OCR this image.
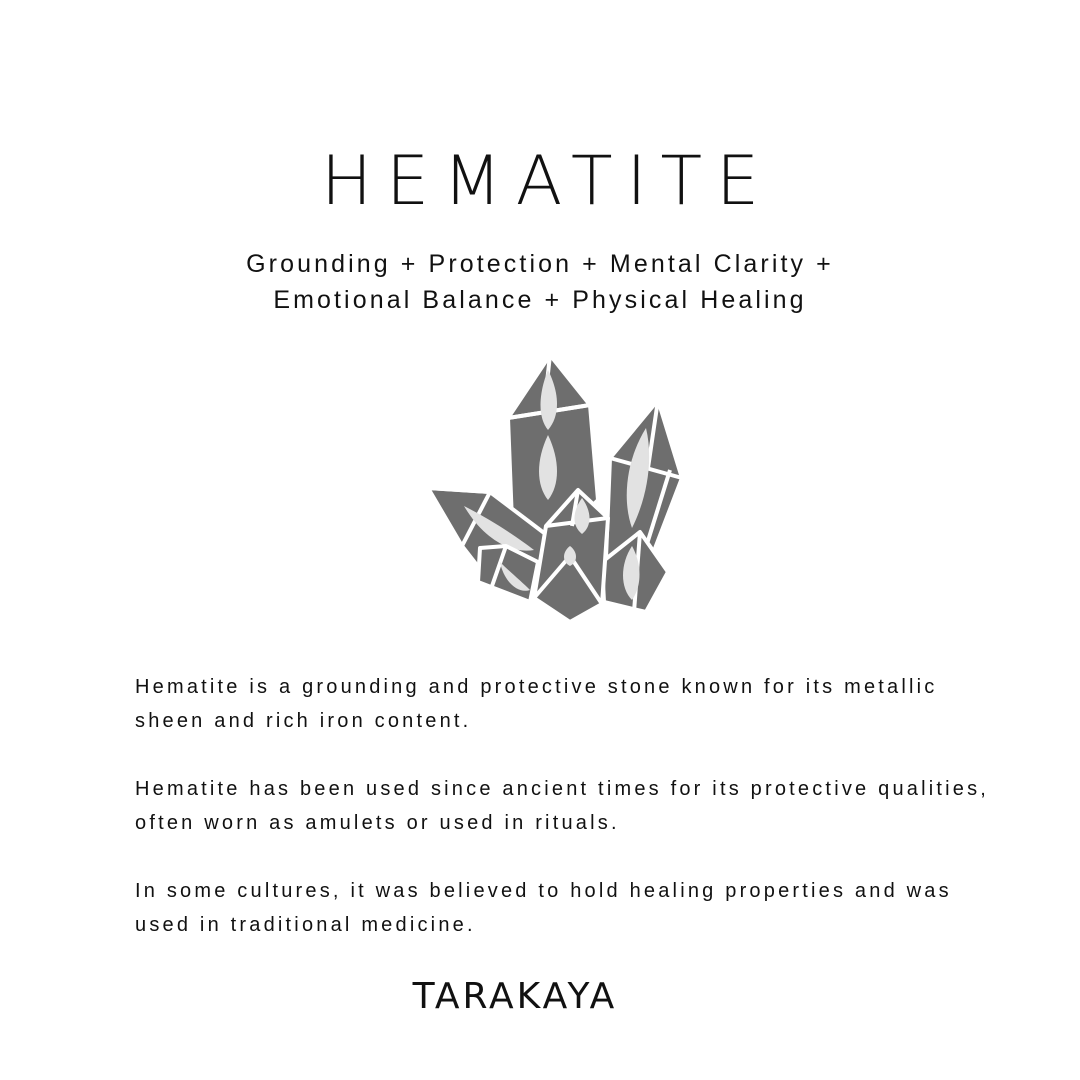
HEMATITE
Grounding + Protection + Mental Clarity +
Emotional Balance + Physical Healing

Hematite is a grounding and protective stone known for its metallic sheen and rich iron content.

Hematite has been used since ancient times for its protective qualities, often worn as amulets or used in rituals.

In some cultures, it was believed to hold healing properties and was used in traditional medicine.

TARAKAYA
